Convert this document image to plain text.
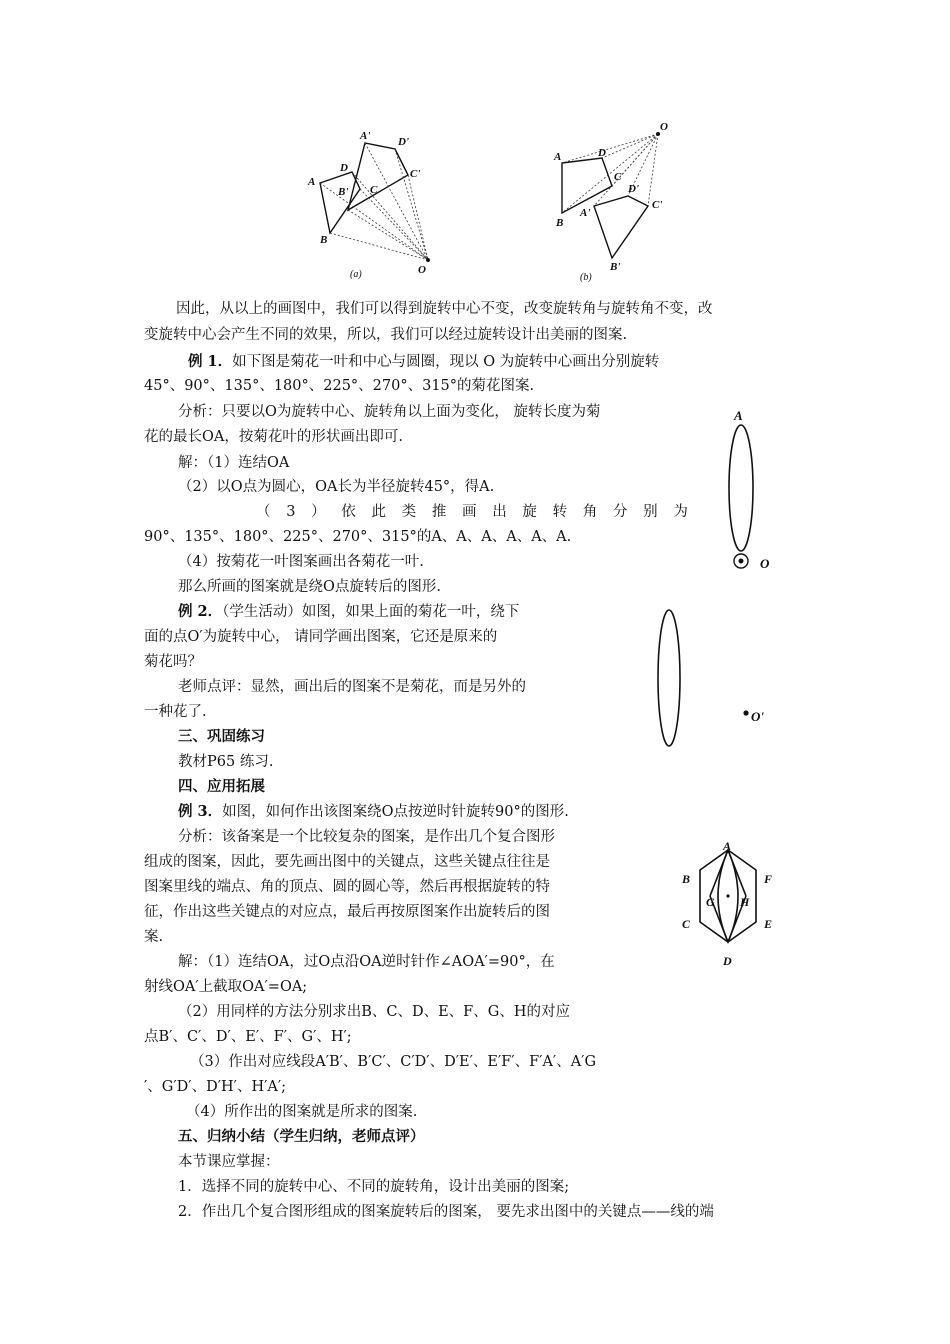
A'	D'
D	C'
B' C
A
B
O
(a)
O
A	D
C
D'
C'
B
A'
B'
(b)
A
O
O'
A
B	F
G H
C	E
D
因此，从以上的画图中，我们可以得到旋转中心不变，改变旋转角与旋转角不变，改
变旋转中心会产生不同的效果，所以，我们可以经过旋转设计出美丽的图案.
例 1．如下图是菊花一叶和中心与圆圈，现以 O 为旋转中心画出分别旋转
45°、90°、135°、180°、225°、270°、315°的菊花图案.
分析：只要以O为旋转中心、旋转角以上面为变化， 旋转长度为菊
花的最长OA，按菊花叶的形状画出即可.
解：（1）连结OA
（2）以O点为圆心，OA长为半径旋转45°，得A.
（ 3 ） 依 此 类 推 画 出 旋 转 角 分 别 为
90°、135°、180°、225°、270°、315°的A、A、A、A、A、A.
（4）按菊花一叶图案画出各菊花一叶.
那么所画的图案就是绕O点旋转后的图形.
例 2．（学生活动）如图，如果上面的菊花一叶，绕下
面的点O′为旋转中心， 请同学画出图案，它还是原来的
菊花吗？
老师点评：显然，画出后的图案不是菊花，而是另外的
一种花了.
三、巩固练习
教材P65 练习.
四、应用拓展
例 3．如图，如何作出该图案绕O点按逆时针旋转90°的图形.
分析：该备案是一个比较复杂的图案，是作出几个复合图形
组成的图案，因此，要先画出图中的关键点，这些关键点往往是
图案里线的端点、角的顶点、圆的圆心等，然后再根据旋转的特
征，作出这些关键点的对应点，最后再按原图案作出旋转后的图
案.
解：（1）连结OA，过O点沿OA逆时针作∠AOA′=90°，在
射线OA′上截取OA′=OA;
（2）用同样的方法分别求出B、C、D、E、F、G、H的对应
点B′、C′、D′、E′、F′、G′、H′;
（3）作出对应线段A′B′、B′C′、C′D′、D′E′、E′F′、F′A′、A′G
′、G′D′、D′H′、H′A′;
（4）所作出的图案就是所求的图案.
五、归纳小结（学生归纳，老师点评）
本节课应掌握：
1．选择不同的旋转中心、不同的旋转角，设计出美丽的图案;
2．作出几个复合图形组成的图案旋转后的图案， 要先求出图中的关键点——线的端
